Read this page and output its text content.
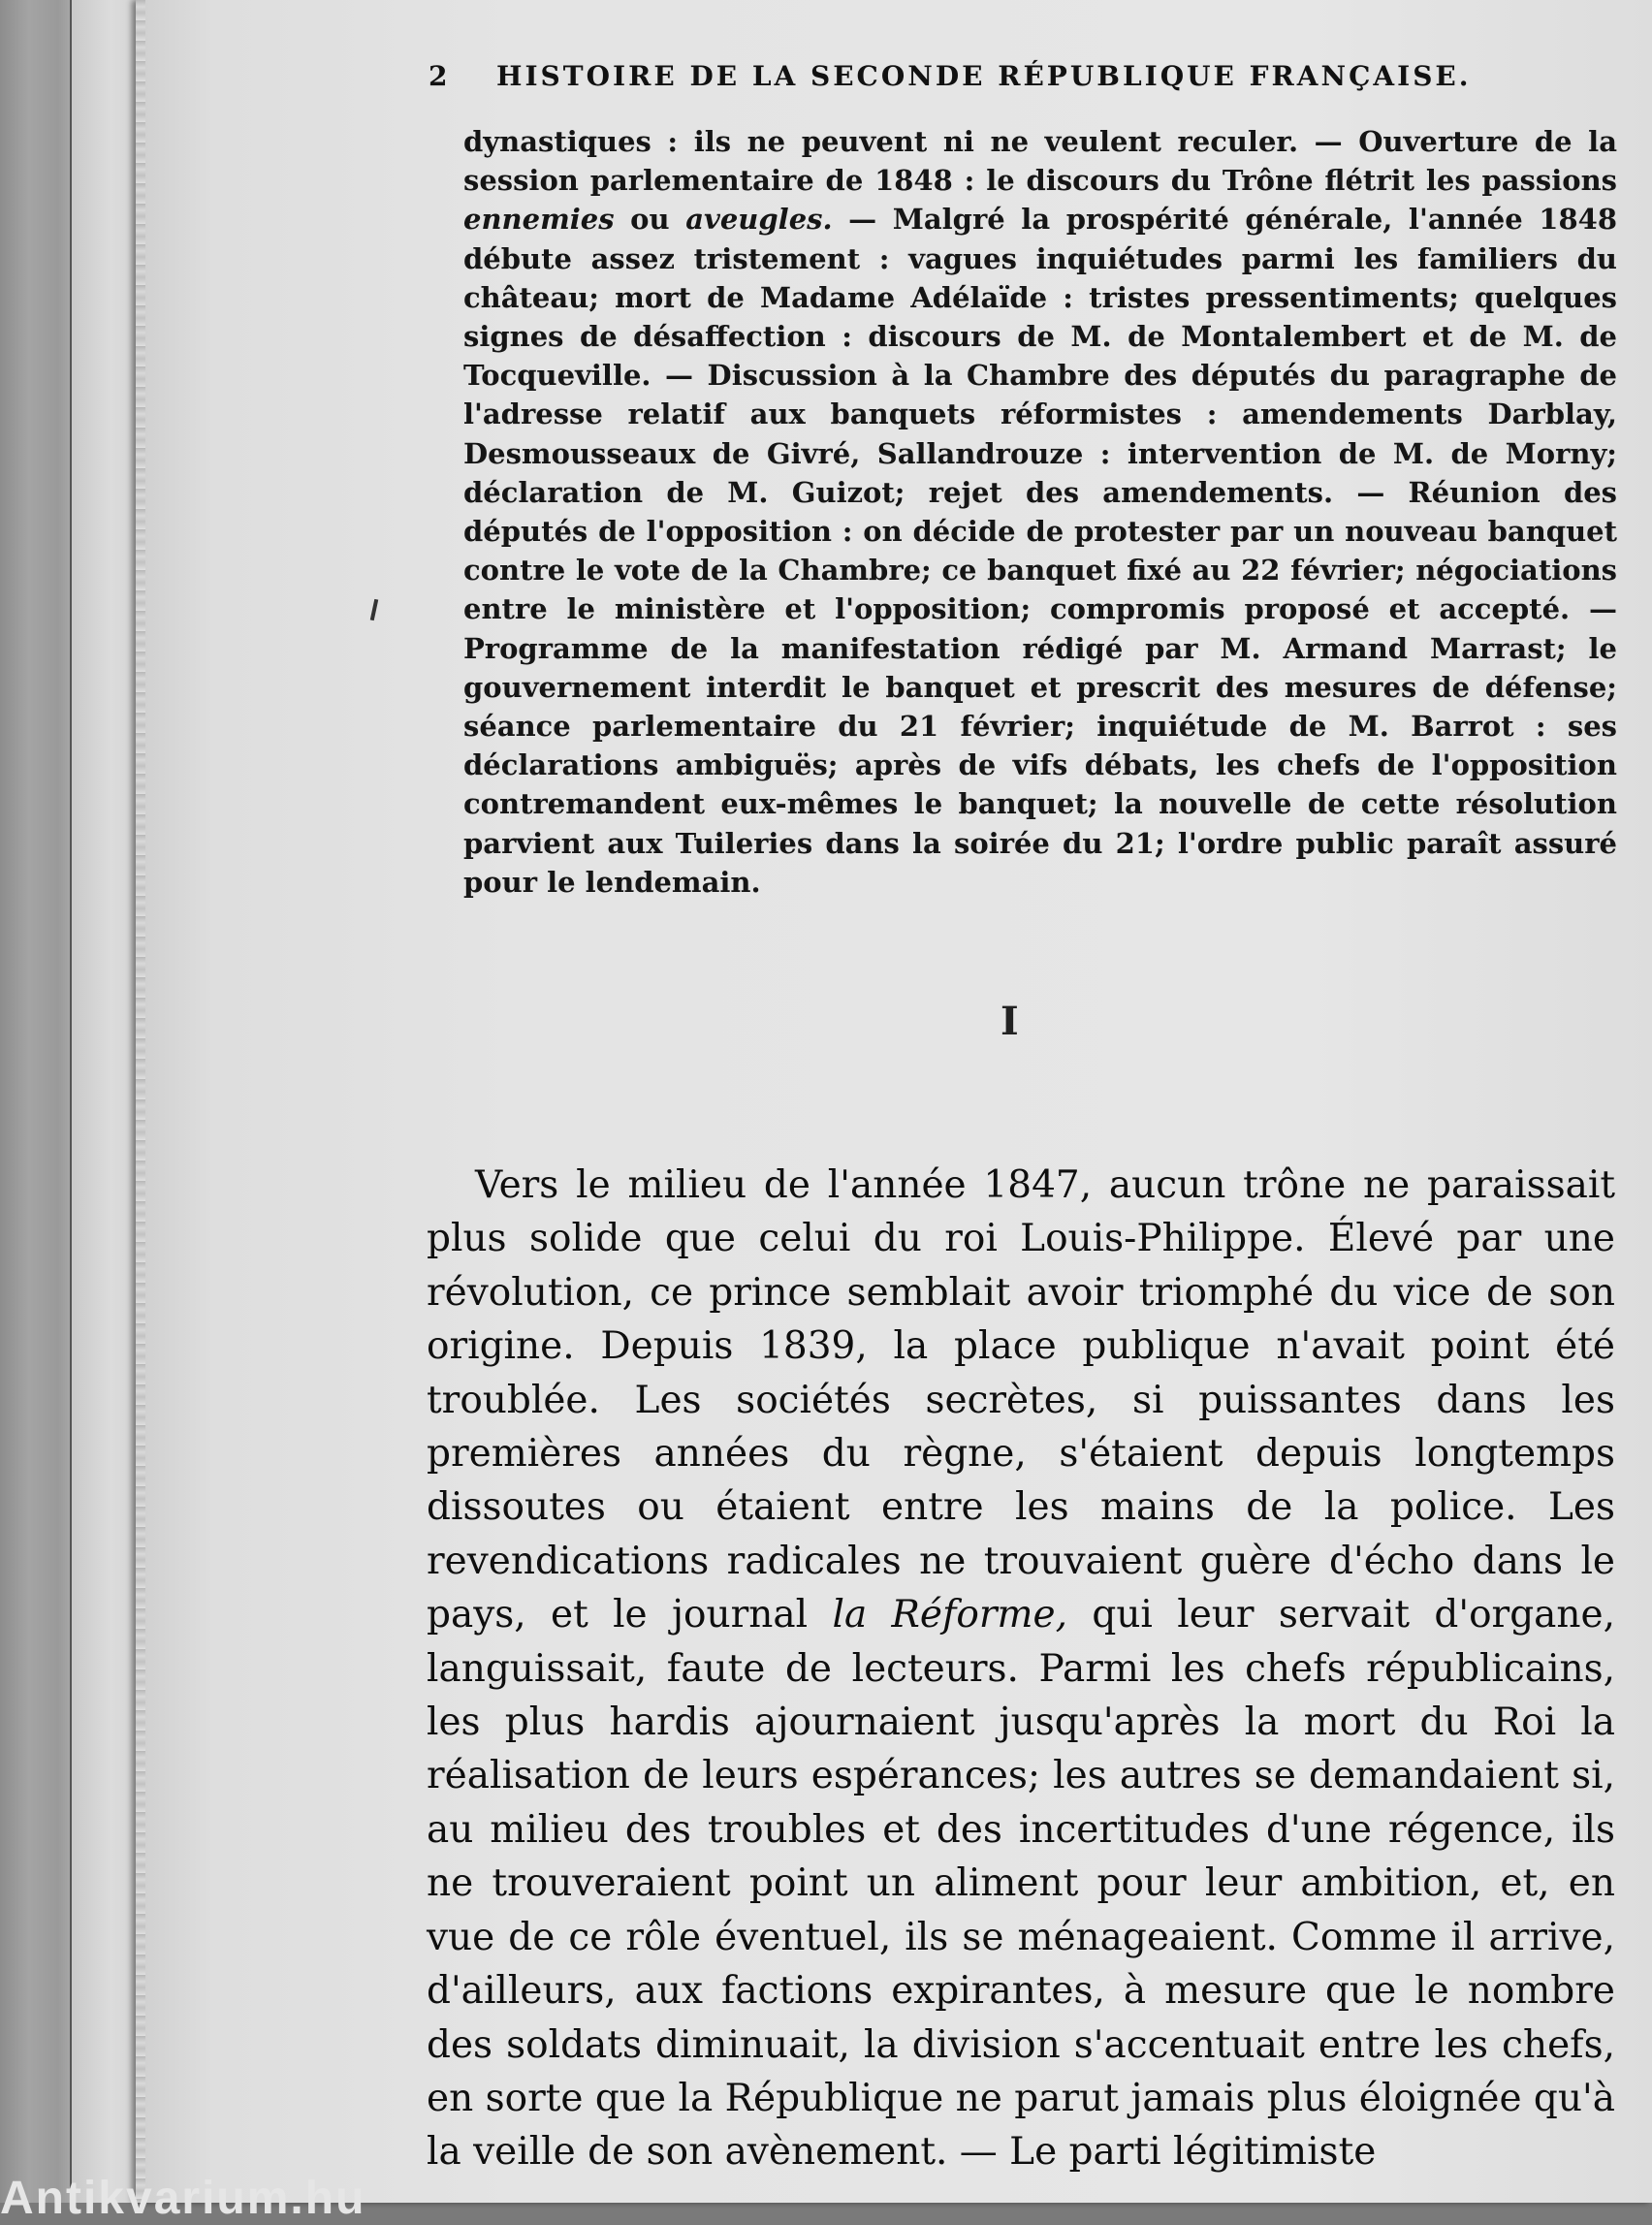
2 HISTOIRE DE LA SECONDE RÉPUBLIQUE FRANÇAISE.

dynastiques : ils ne peuvent ni ne veulent reculer. — Ouverture de la session parlementaire de 1848 : le discours du Trône flétrit les passions ennemies ou aveugles. — Malgré la prospérité générale, l'année 1848 débute assez tristement : vagues inquiétudes parmi les familiers du château; mort de Madame Adélaïde : tristes pressentiments; quelques signes de désaffection : discours de M. de Montalembert et de M. de Tocqueville. — Discussion à la Chambre des députés du paragraphe de l'adresse relatif aux banquets réformistes : amendements Darblay, Desmousseaux de Givré, Sallandrouze : intervention de M. de Morny; déclaration de M. Guizot; rejet des amendements. — Réunion des députés de l'opposition : on décide de protester par un nouveau banquet contre le vote de la Chambre; ce banquet fixé au 22 février; négociations entre le ministère et l'opposition; compromis proposé et accepté. — Programme de la manifestation rédigé par M. Armand Marrast; le gouvernement interdit le banquet et prescrit des mesures de défense; séance parlementaire du 21 février; inquiétude de M. Barrot : ses déclarations ambiguës; après de vifs débats, les chefs de l'opposition contremandent eux-mêmes le banquet; la nouvelle de cette résolution parvient aux Tuileries dans la soirée du 21; l'ordre public paraît assuré pour le lendemain.

I

Vers le milieu de l'année 1847, aucun trône ne paraissait plus solide que celui du roi Louis-Philippe. Élevé par une révolution, ce prince semblait avoir triomphé du vice de son origine. Depuis 1839, la place publique n'avait point été troublée. Les sociétés secrètes, si puissantes dans les premières années du règne, s'étaient depuis longtemps dissoutes ou étaient entre les mains de la police. Les revendications radicales ne trouvaient guère d'écho dans le pays, et le journal la Réforme, qui leur servait d'organe, languissait, faute de lecteurs. Parmi les chefs républicains, les plus hardis ajournaient jusqu'après la mort du Roi la réalisation de leurs espérances; les autres se demandaient si, au milieu des troubles et des incertitudes d'une régence, ils ne trouveraient point un aliment pour leur ambition, et, en vue de ce rôle éventuel, ils se ménageaient. Comme il arrive, d'ailleurs, aux factions expirantes, à mesure que le nombre des soldats diminuait, la division s'accentuait entre les chefs, en sorte que la République ne parut jamais plus éloignée qu'à la veille de son avènement. — Le parti légitimiste

Antikvarium.hu
